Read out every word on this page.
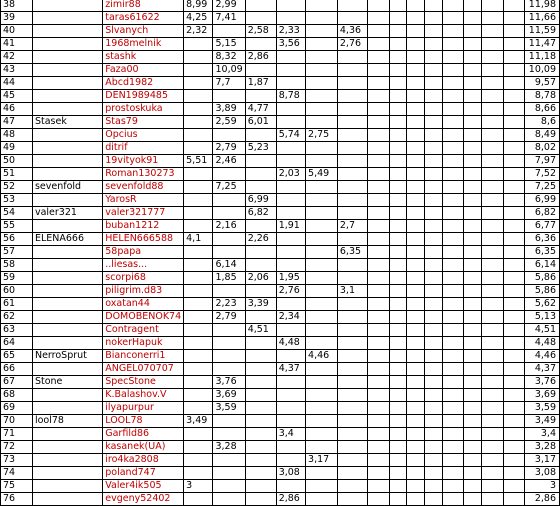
38		zimir88	8,99	2,99													11,98
39		taras61622	4,25	7,41													11,66
40		Slvanych	2,32		2,58	2,33		4,36									11,59
41		1968melnik		5,15		3,56		2,76									11,47
42		stashk		8,32	2,86												11,18
43		Faza00		10,09													10,09
44		Abcd1982		7,7	1,87												9,57
45		DEN1989485				8,78											8,78
46		prostoskuka		3,89	4,77												8,66
47	Stasek	Stas79		2,59	6,01												8,6
48		Opcius				5,74	2,75										8,49
49		ditrif		2,79	5,23												8,02
50		19vityok91	5,51	2,46													7,97
51		Roman130273				2,03	5,49										7,52
52	sevenfold	sevenfold88		7,25													7,25
53		YarosR			6,99												6,99
54	valer321	valer321777			6,82												6,82
55		buban1212		2,16		1,91		2,7									6,77
56	ELENA666	HELEN666588	4,1		2,26												6,36
57		58papa						6,35									6,35
58		..liesas...		6,14													6,14
59		scorpi68		1,85	2,06	1,95											5,86
60		piligrim.d83				2,76		3,1									5,86
61		oxatan44		2,23	3,39												5,62
62		DOMOBENOK74		2,79		2,34											5,13
63		Contragent			4,51												4,51
64		nokerHapuk				4,48											4,48
65	NerroSprut	Bianconerri1					4,46										4,46
66		ANGEL070707				4,37											4,37
67	Stone	SpecStone		3,76													3,76
68		K.Balashov.V		3,69													3,69
69		ilyapurpur		3,59													3,59
70	lool78	LOOL78	3,49														3,49
71		Garfild86				3,4											3,4
72		kasanek(UA)		3,28													3,28
73		iro4ka2808					3,17										3,17
74		poland747				3,08											3,08
75		Valer4ik505	3														3
76		evgeny52402				2,86											2,86
